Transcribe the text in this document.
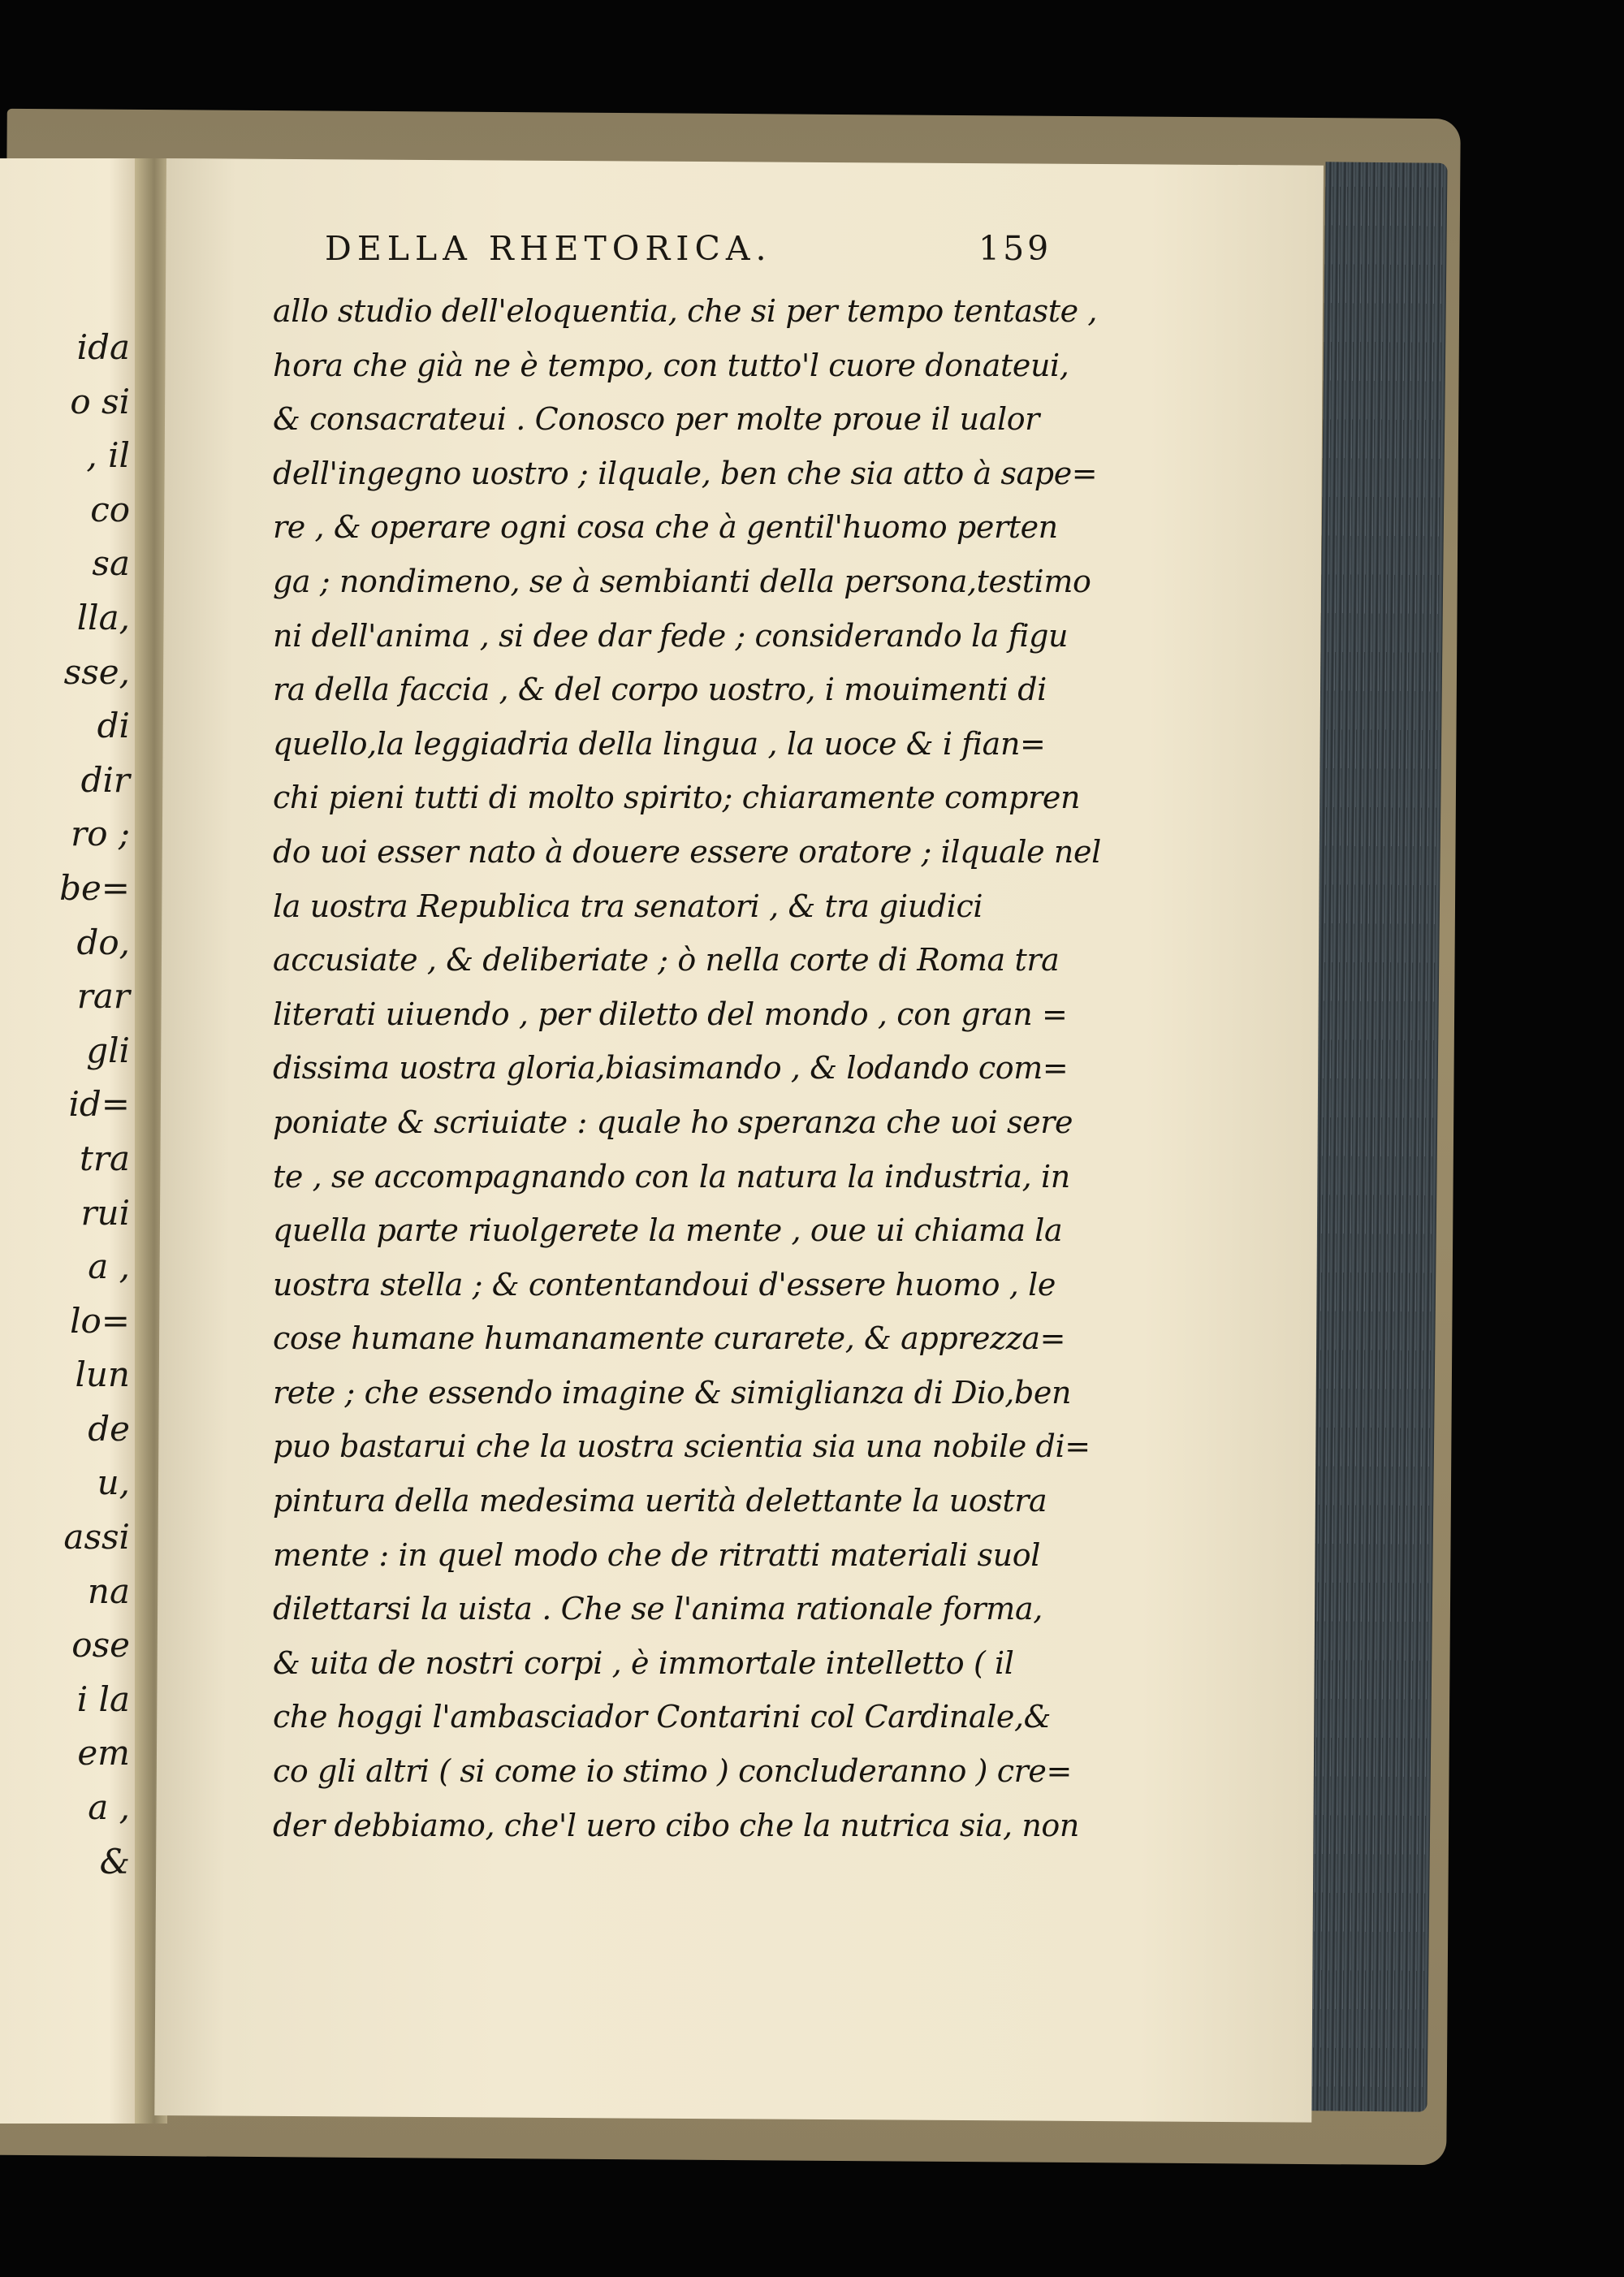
ida
o si
, il
co
sa
lla,
sse,
di
dir
ro ;
be=
do,
rar
gli
id=
tra
rui
a ,
lo=
lun
de
u,
assi
na
ose
i la
em
a ,
&
DELLA RHETORICA.	159
allo studio dell'eloquentia, che si per tempo tentaste ,
hora che già ne è tempo, con tutto'l cuore donateui,
& consacrateui . Conosco per molte proue il ualor
dell'ingegno uostro ; ilquale, ben che sia atto à sape=
re , & operare ogni cosa che à gentil'huomo perten
ga ; nondimeno, se à sembianti della persona,testimo
ni dell'anima , si dee dar fede ; considerando la figu
ra della faccia , & del corpo uostro, i mouimenti di
quello,la leggiadria della lingua , la uoce & i fian=
chi pieni tutti di molto spirito; chiaramente compren
do uoi esser nato à douere essere oratore ; ilquale nel
la uostra Republica tra senatori , & tra giudici
accusiate , & deliberiate ; ò nella corte di Roma tra
literati uiuendo , per diletto del mondo , con gran =
dissima uostra gloria,biasimando , & lodando com=
poniate & scriuiate : quale ho speranza che uoi sere
te , se accompagnando con la natura la industria, in
quella parte riuolgerete la mente , oue ui chiama la
uostra stella ; & contentandoui d'essere huomo , le
cose humane humanamente curarete, & apprezza=
rete ; che essendo imagine & simiglianza di Dio,ben
puo bastarui che la uostra scientia sia una nobile di=
pintura della medesima uerità delettante la uostra
mente : in quel modo che de ritratti materiali suol
dilettarsi la uista . Che se l'anima rationale forma,
& uita de nostri corpi , è immortale intelletto ( il
che hoggi l'ambasciador Contarini col Cardinale,&
co gli altri ( si come io stimo ) concluderanno ) cre=
der debbiamo, che'l uero cibo che la nutrica sia, non
